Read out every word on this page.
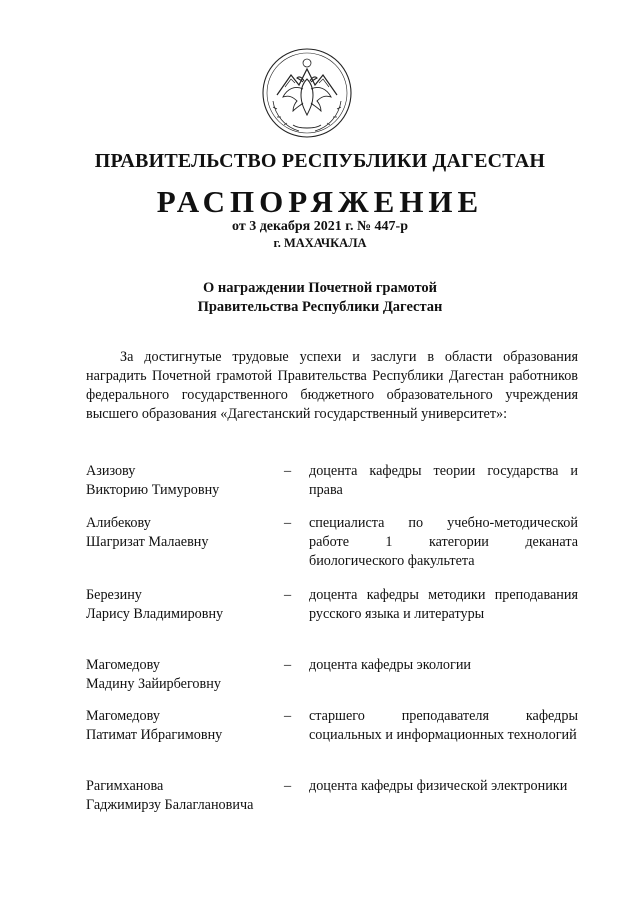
ПРАВИТЕЛЬСТВО РЕСПУБЛИКИ ДАГЕСТАН
РАСПОРЯЖЕНИЕ
от 3 декабря 2021 г. № 447-р
г. МАХАЧКАЛА
О награждении Почетной грамотой
Правительства Республики Дагестан
За достигнутые трудовые успехи и заслуги в области образования наградить Почетной грамотой Правительства Республики Дагестан работников федерального государственного бюджетного образовательного учреждения высшего образования «Дагестанский государственный университет»:
Азизову
Викторию Тимуровну
– доцента кафедры теории государства и права
Алибекову
Шагризат Малаевну
– специалиста по учебно-методической работе 1 категории деканата биологического факультета
Березину
Ларису Владимировну
– доцента кафедры методики преподавания русского языка и литературы
Магомедову
Мадину Зайирбеговну
– доцента кафедры экологии
Магомедову
Патимат Ибрагимовну
– старшего преподавателя кафедры социальных и информационных технологий
Рагимханова
Гаджимирзу Балаглановича
– доцента кафедры физической электроники
